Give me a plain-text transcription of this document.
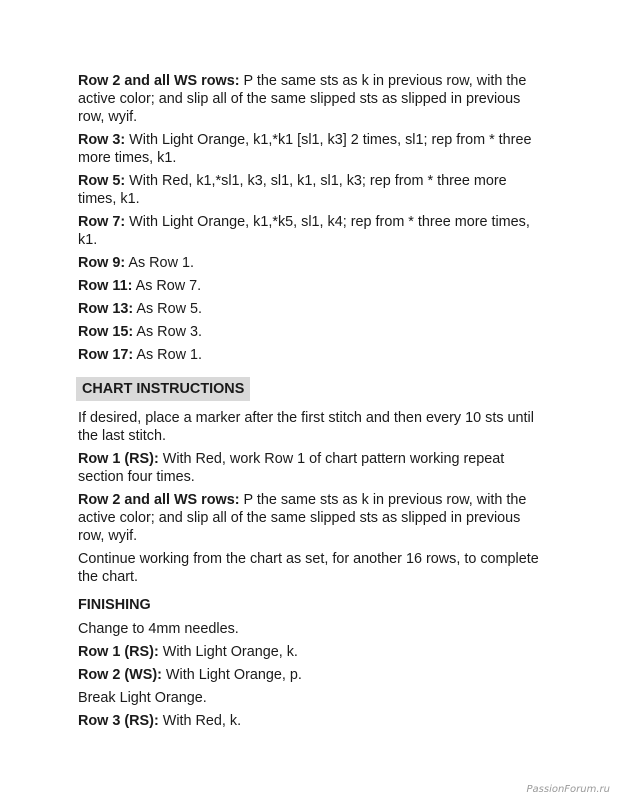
Row 2 and all WS rows: P the same sts as k in previous row, with the active color; and slip all of the same slipped sts as slipped in previous row, wyif.

Row 3: With Light Orange, k1,*k1 [sl1, k3] 2 times, sl1; rep from * three more times, k1.

Row 5: With Red, k1,*sl1, k3, sl1, k1, sl1, k3; rep from * three more times, k1.

Row 7: With Light Orange, k1,*k5, sl1, k4; rep from * three more times, k1.

Row 9: As Row 1.

Row 11: As Row 7.

Row 13: As Row 5.

Row 15: As Row 3.

Row 17: As Row 1.

CHART INSTRUCTIONS

If desired, place a marker after the first stitch and then every 10 sts until the last stitch.

Row 1 (RS): With Red, work Row 1 of chart pattern working repeat section four times.

Row 2 and all WS rows: P the same sts as k in previous row, with the active color; and slip all of the same slipped sts as slipped in previous row, wyif.

Continue working from the chart as set, for another 16 rows, to complete the chart.

FINISHING

Change to 4mm needles.

Row 1 (RS): With Light Orange, k.

Row 2 (WS): With Light Orange, p.

Break Light Orange.

Row 3 (RS): With Red, k.

PassionForum.ru
